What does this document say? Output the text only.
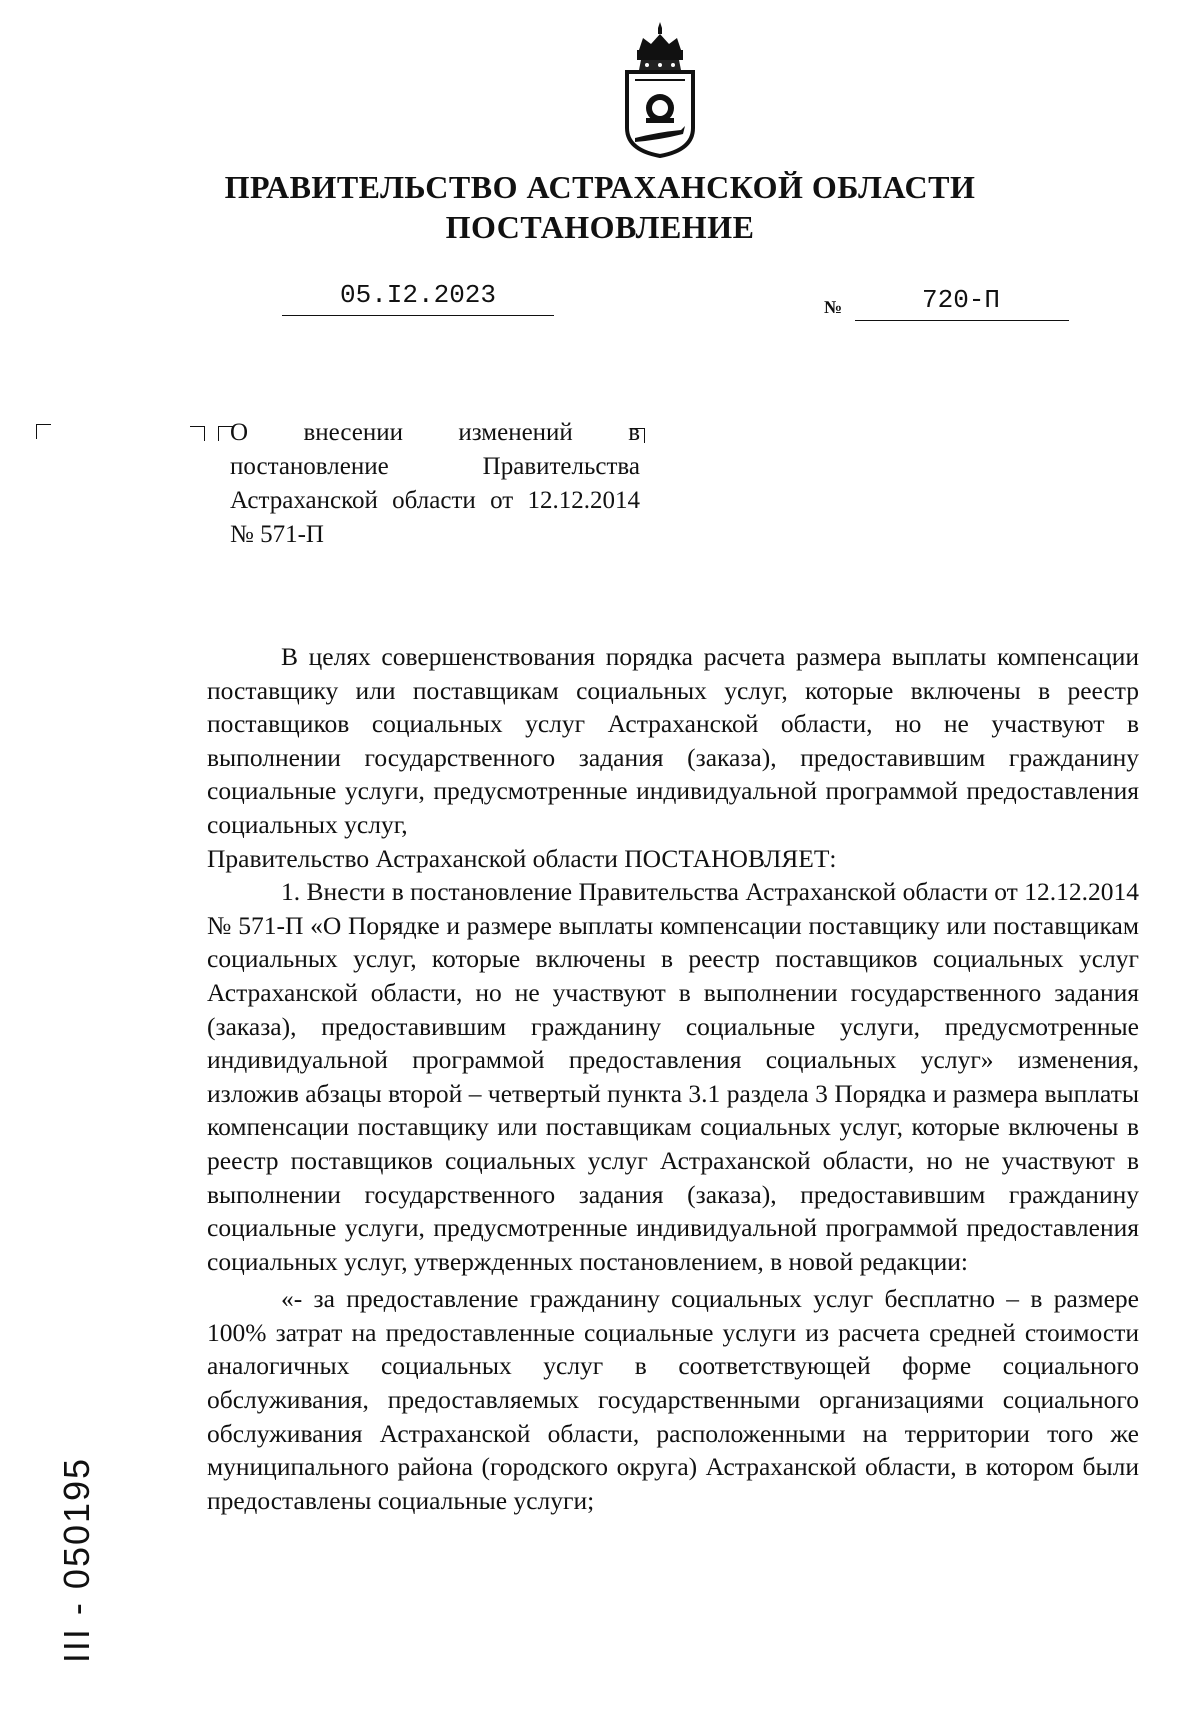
ПРАВИТЕЛЬСТВО АСТРАХАНСКОЙ ОБЛАСТИ
ПОСТАНОВЛЕНИЕ
05.I2.2023	№	720-П
О внесении изменений в постановление Правительства Астраханской области от 12.12.2014 № 571-П

В целях совершенствования порядка расчета размера выплаты компенсации поставщику или поставщикам социальных услуг, которые включены в реестр поставщиков социальных услуг Астраханской области, но не участвуют в выполнении государственного задания (заказа), предоставившим гражданину социальные услуги, предусмотренные индивидуальной программой предоставления социальных услуг,

Правительство Астраханской области ПОСТАНОВЛЯЕТ:

1. Внести в постановление Правительства Астраханской области от 12.12.2014 № 571-П «О Порядке и размере выплаты компенсации поставщику или поставщикам социальных услуг, которые включены в реестр поставщиков социальных услуг Астраханской области, но не участвуют в выполнении государственного задания (заказа), предоставившим гражданину социальные услуги, предусмотренные индивидуальной программой предоставления социальных услуг» изменения, изложив абзацы второй – четвертый пункта 3.1 раздела 3 Порядка и размера выплаты компенсации поставщику или поставщикам социальных услуг, которые включены в реестр поставщиков социальных услуг Астраханской области, но не участвуют в выполнении государственного задания (заказа), предоставившим гражданину социальные услуги, предусмотренные индивидуальной программой предоставления социальных услуг, утвержденных постановлением, в новой редакции:

«- за предоставление гражданину социальных услуг бесплатно – в размере 100% затрат на предоставленные социальные услуги из расчета средней стоимости аналогичных социальных услуг в соответствующей форме социального обслуживания, предоставляемых государственными организациями социального обслуживания Астраханской области, расположенными на территории того же муниципального района (городского округа) Астраханской области, в котором были предоставлены социальные услуги;

III - 050195
